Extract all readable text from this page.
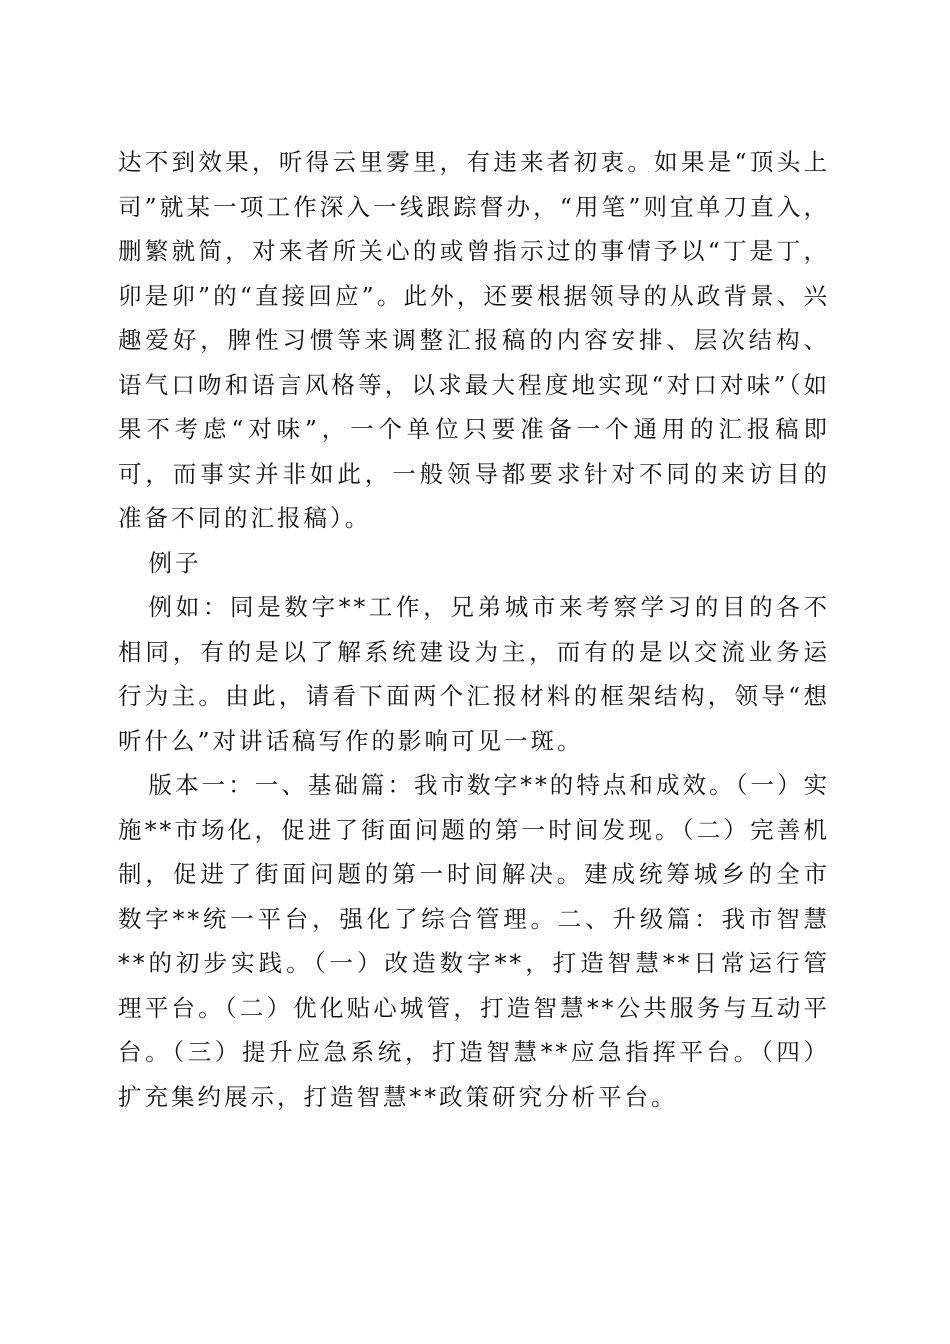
达不到效果，听得云里雾里，有违来者初衷。如果是“顶头上司”就某一项工作深入一线跟踪督办，“用笔”则宜单刀直入，删繁就简，对来者所关心的或曾指示过的事情予以“丁是丁，卯是卯”的“直接回应”。此外，还要根据领导的从政背景、兴趣爱好，脾性习惯等来调整汇报稿的内容安排、层次结构、语气口吻和语言风格等，以求最大程度地实现“对口对味”（如果不考虑“对味”，一个单位只要准备一个通用的汇报稿即可，而事实并非如此，一般领导都要求针对不同的来访目的准备不同的汇报稿）。

例子

例如：同是数字**工作，兄弟城市来考察学习的目的各不相同，有的是以了解系统建设为主，而有的是以交流业务运行为主。由此，请看下面两个汇报材料的框架结构，领导“想听什么”对讲话稿写作的影响可见一斑。

版本一：一、基础篇：我市数字**的特点和成效。（一）实施**市场化，促进了街面问题的第一时间发现。（二）完善机制，促进了街面问题的第一时间解决。建成统筹城乡的全市数字**统一平台，强化了综合管理。二、升级篇：我市智慧**的初步实践。（一）改造数字**，打造智慧**日常运行管理平台。（二）优化贴心城管，打造智慧**公共服务与互动平台。（三）提升应急系统，打造智慧**应急指挥平台。（四）扩充集约展示，打造智慧**政策研究分析平台。
